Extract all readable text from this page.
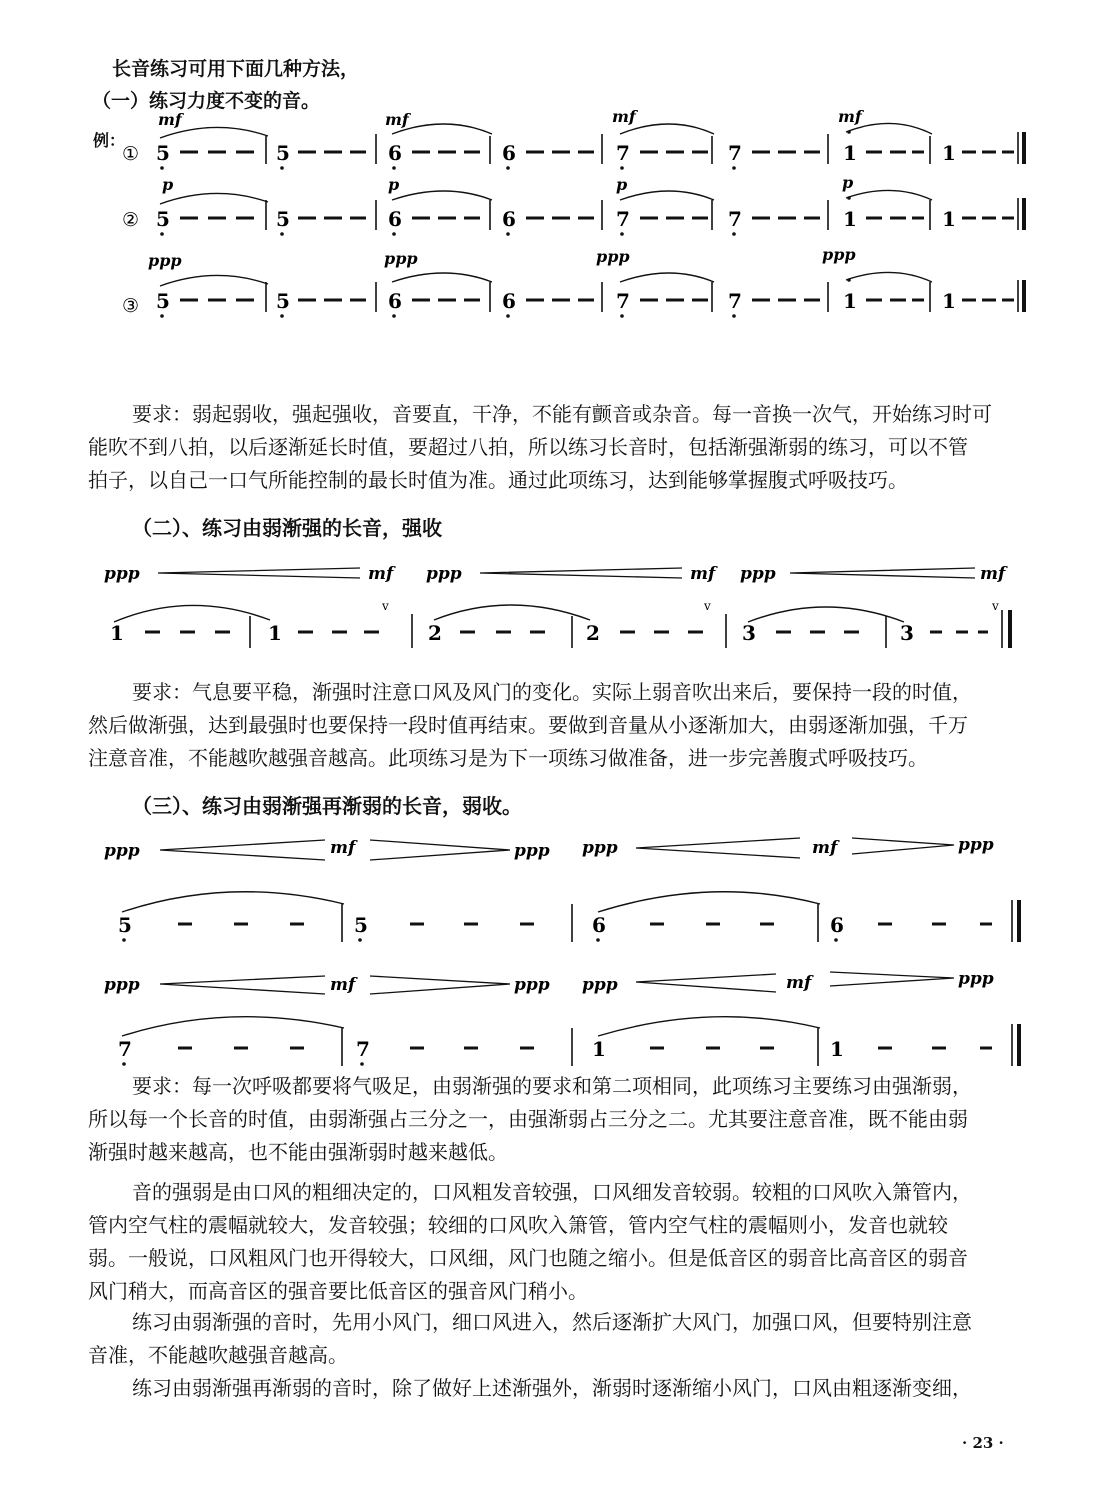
长音练习可用下面几种方法，
（一）练习力度不变的音。
例：
①
mf	mf	mf	mf
5	5	6	6	7	7	1	1
②
p	p	p	p
5	5	6	6	7	7	1	1
③
ppp	ppp	ppp	ppp
5	5	6	6	7	7	1	1
要求：弱起弱收，强起强收，音要直，干净，不能有颤音或杂音。每一音换一次气，开始练习时可
能吹不到八拍，以后逐渐延长时值，要超过八拍，所以练习长音时，包括渐强渐弱的练习，可以不管
拍子，以自己一口气所能控制的最长时值为准。通过此项练习，达到能够掌握腹式呼吸技巧。
（二）、练习由弱渐强的长音，强收
ppp	mf ppp	mf ppp	mf
v	v	v
1	1	2	2	3	3
要求：气息要平稳，渐强时注意口风及风门的变化。实际上弱音吹出来后，要保持一段的时值，
然后做渐强，达到最强时也要保持一段时值再结束。要做到音量从小逐渐加大，由弱逐渐加强，千万
注意音准，不能越吹越强音越高。此项练习是为下一项练习做准备，进一步完善腹式呼吸技巧。
（三）、练习由弱渐强再渐弱的长音，弱收。
ppp	mf	ppp ppp	mf	ppp
5	5	6	6
ppp	mf	ppp ppp	mf	ppp
7	7	1	1
要求：每一次呼吸都要将气吸足，由弱渐强的要求和第二项相同，此项练习主要练习由强渐弱，
所以每一个长音的时值，由弱渐强占三分之一，由强渐弱占三分之二。尤其要注意音准，既不能由弱
渐强时越来越高，也不能由强渐弱时越来越低。
音的强弱是由口风的粗细决定的，口风粗发音较强，口风细发音较弱。较粗的口风吹入箫管内，
管内空气柱的震幅就较大，发音较强；较细的口风吹入箫管，管内空气柱的震幅则小，发音也就较
弱。一般说，口风粗风门也开得较大，口风细，风门也随之缩小。但是低音区的弱音比高音区的弱音
风门稍大，而高音区的强音要比低音区的强音风门稍小。
练习由弱渐强的音时，先用小风门，细口风进入，然后逐渐扩大风门，加强口风，但要特别注意
音准，不能越吹越强音越高。
练习由弱渐强再渐弱的音时，除了做好上述渐强外，渐弱时逐渐缩小风门，口风由粗逐渐变细，
· 23 ·
